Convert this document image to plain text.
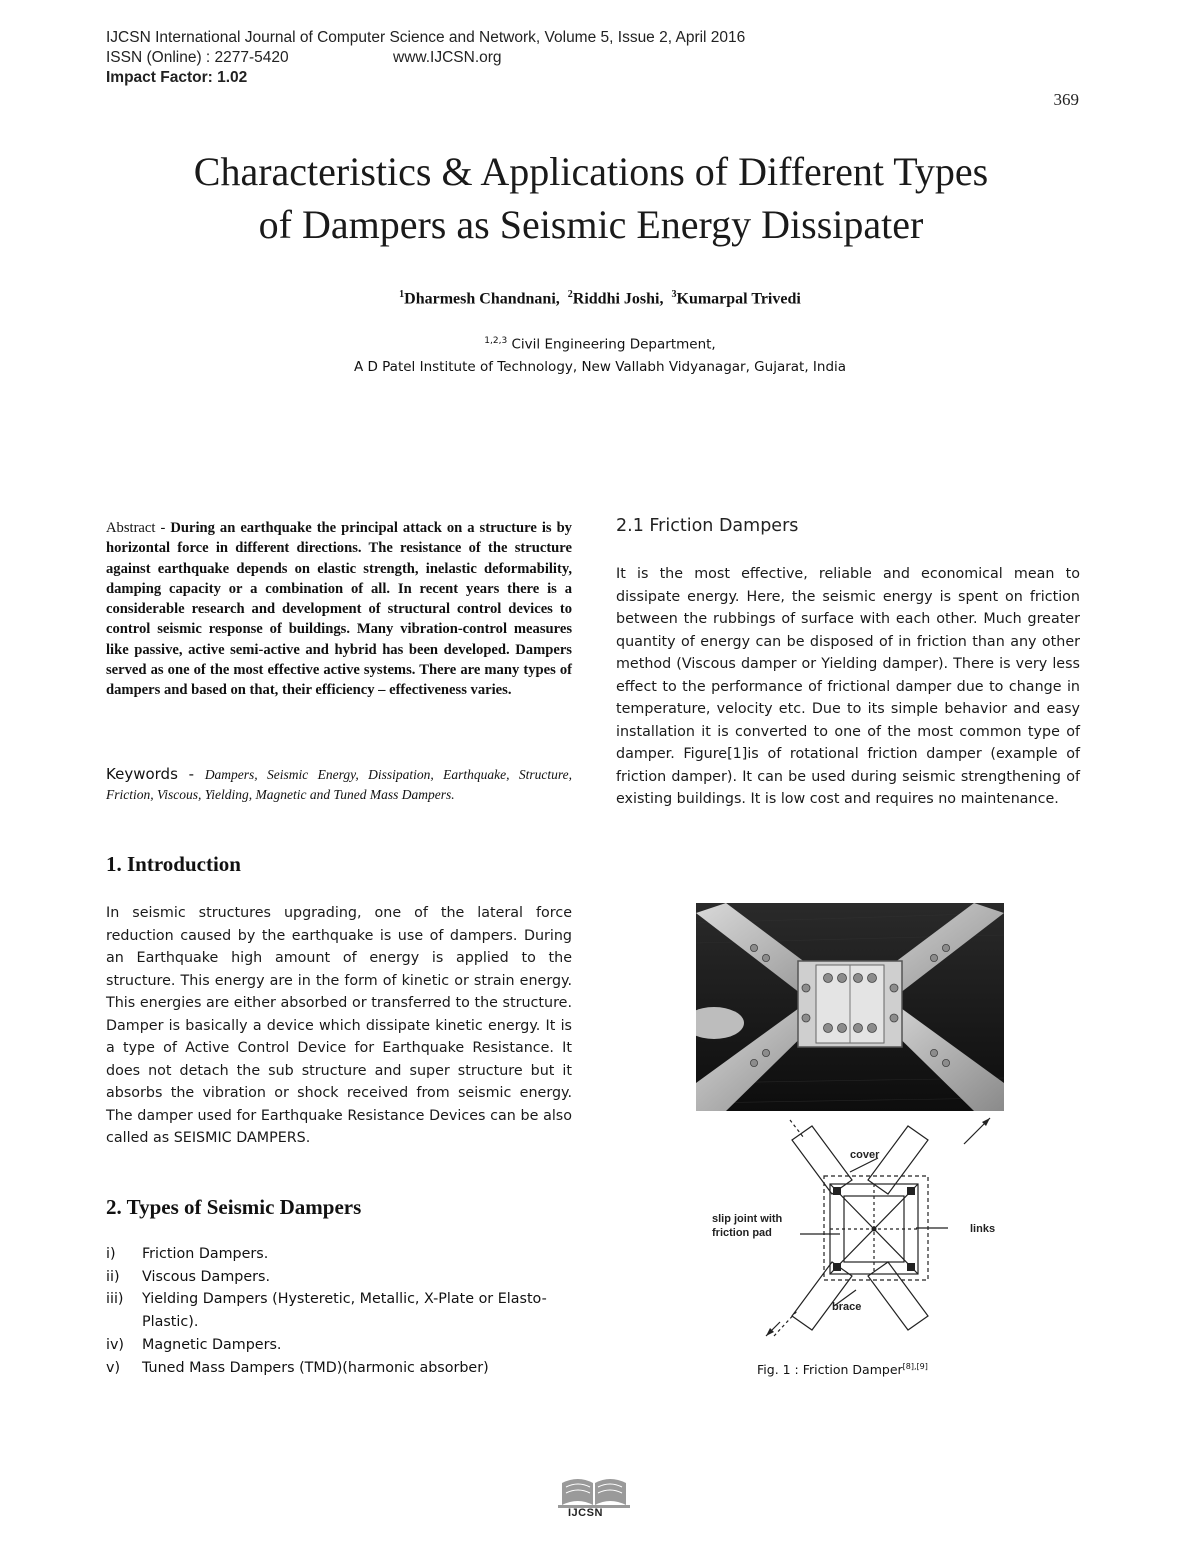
IJCSN International Journal of Computer Science and Network, Volume 5, Issue 2, April 2016
ISSN (Online) : 2277-5420	www.IJCSN.org
Impact Factor: 1.02
369
Characteristics & Applications of Different Types
of Dampers as Seismic Energy Dissipater
$^1$Dharmesh Chandnani, $^2$Riddhi Joshi, $^3$Kumarpal Trivedi
$^{1,2,3}$ Civil Engineering Department,
A D Patel Institute of Technology, New Vallabh Vidyanagar, Gujarat, India
Abstract - During an earthquake the principal attack on a structure is by horizontal force in different directions. The resistance of the structure against earthquake depends on elastic strength, inelastic deformability, damping capacity or a combination of all. In recent years there is a considerable research and development of structural control devices to control seismic response of buildings. Many vibration-control measures like passive, active semi-active and hybrid has been developed. Dampers served as one of the most effective active systems. There are many types of dampers and based on that, their efficiency – effectiveness varies.
Keywords - Dampers, Seismic Energy, Dissipation, Earthquake, Structure, Friction, Viscous, Yielding, Magnetic and Tuned Mass Dampers.
1. Introduction
In seismic structures upgrading, one of the lateral force reduction caused by the earthquake is use of dampers. During an Earthquake high amount of energy is applied to the structure. This energy are in the form of kinetic or strain energy. This energies are either absorbed or transferred to the structure. Damper is basically a device which dissipate kinetic energy. It is a type of Active Control Device for Earthquake Resistance. It does not detach the sub structure and super structure but it absorbs the vibration or shock received from seismic energy. The damper used for Earthquake Resistance Devices can be also called as SEISMIC DAMPERS.
2. Types of Seismic Dampers
i)	Friction Dampers.
ii)	Viscous Dampers.
iii)	Yielding Dampers (Hysteretic, Metallic, X-Plate or Elasto-Plastic).
iv)	Magnetic Dampers.
v)	Tuned Mass Dampers (TMD)(harmonic absorber)
2.1 Friction Dampers
It is the most effective, reliable and economical mean to dissipate energy. Here, the seismic energy is spent on friction between the rubbings of surface with each other. Much greater quantity of energy can be disposed of in friction than any other method (Viscous damper or Yielding damper). There is very less effect to the performance of frictional damper due to change in temperature, velocity etc. Due to its simple behavior and easy installation it is converted to one of the most common type of damper. Figure[1]is of rotational friction damper (example of friction damper). It can be used during seismic strengthening of existing buildings. It is low cost and requires no maintenance.
cover
slip joint with
friction pad	links
brace
Fig. 1 : Friction Damper[8],[9]
IJCSN
